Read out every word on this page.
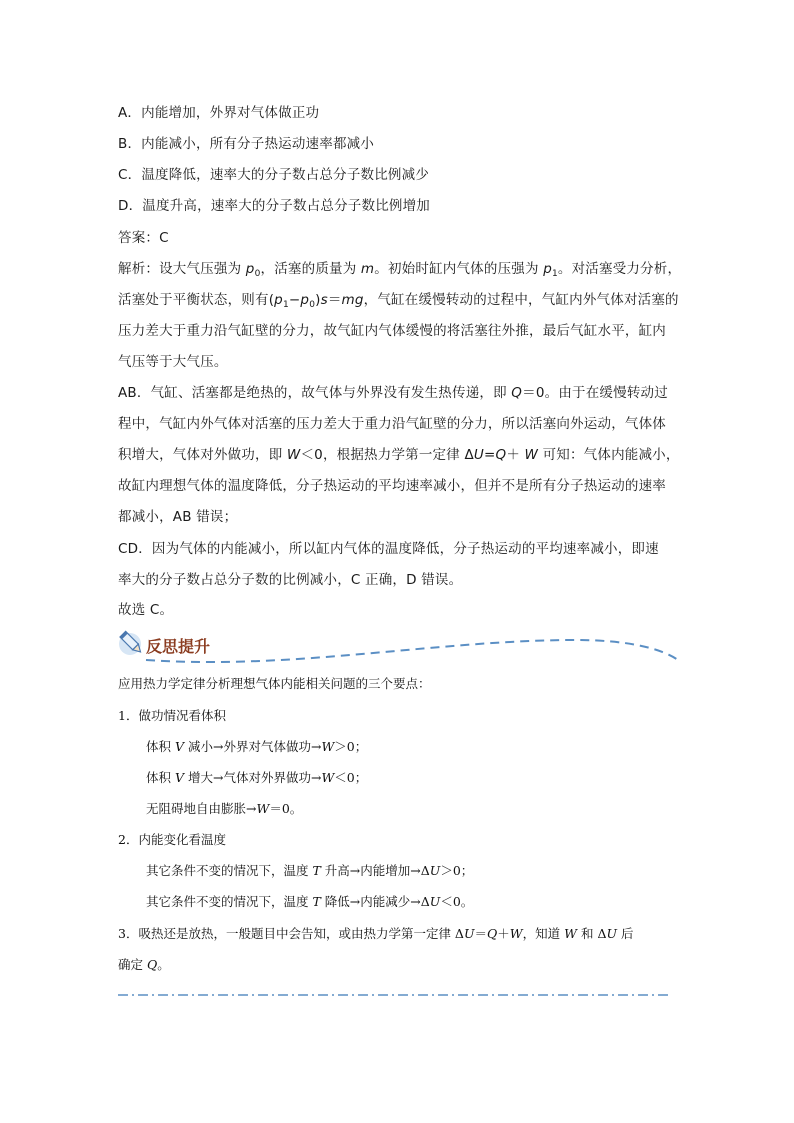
A．内能增加，外界对气体做正功
B．内能减小，所有分子热运动速率都减小
C．温度降低，速率大的分子数占总分子数比例减少
D．温度升高，速率大的分子数占总分子数比例增加
答案：C
解析：设大气压强为 $p_0$，活塞的质量为 m。初始时缸内气体的压强为 $p_1$。对活塞受力分析，
活塞处于平衡状态，则有$(p_1-p_0)s=mg$，气缸在缓慢转动的过程中，气缸内外气体对活塞的
压力差大于重力沿气缸壁的分力，故气缸内气体缓慢的将活塞往外推，最后气缸水平，缸内
气压等于大气压。
AB．气缸、活塞都是绝热的，故气体与外界没有发生热传递，即 Q＝0。由于在缓慢转动过
程中，气缸内外气体对活塞的压力差大于重力沿气缸壁的分力，所以活塞向外运动，气体体
积增大，气体对外做功，即 W＜0，根据热力学第一定律 ΔU=Q＋ W 可知：气体内能减小，
故缸内理想气体的温度降低，分子热运动的平均速率减小，但并不是所有分子热运动的速率
都减小，AB 错误；
CD．因为气体的内能减小，所以缸内气体的温度降低，分子热运动的平均速率减小，即速
率大的分子数占总分子数的比例减小，C 正确，D 错误。
故选 C。
反思提升
应用热力学定律分析理想气体内能相关问题的三个要点：
1．做功情况看体积
体积 V 减小→外界对气体做功→W＞0；
体积 V 增大→气体对外界做功→W＜0；
无阻碍地自由膨胀→W＝0。
2．内能变化看温度
其它条件不变的情况下，温度 T 升高→内能增加→ΔU＞0；
其它条件不变的情况下，温度 T 降低→内能减少→ΔU＜0。
3．吸热还是放热，一般题目中会告知，或由热力学第一定律 ΔU＝Q＋W，知道 W 和 ΔU 后
确定 Q。
